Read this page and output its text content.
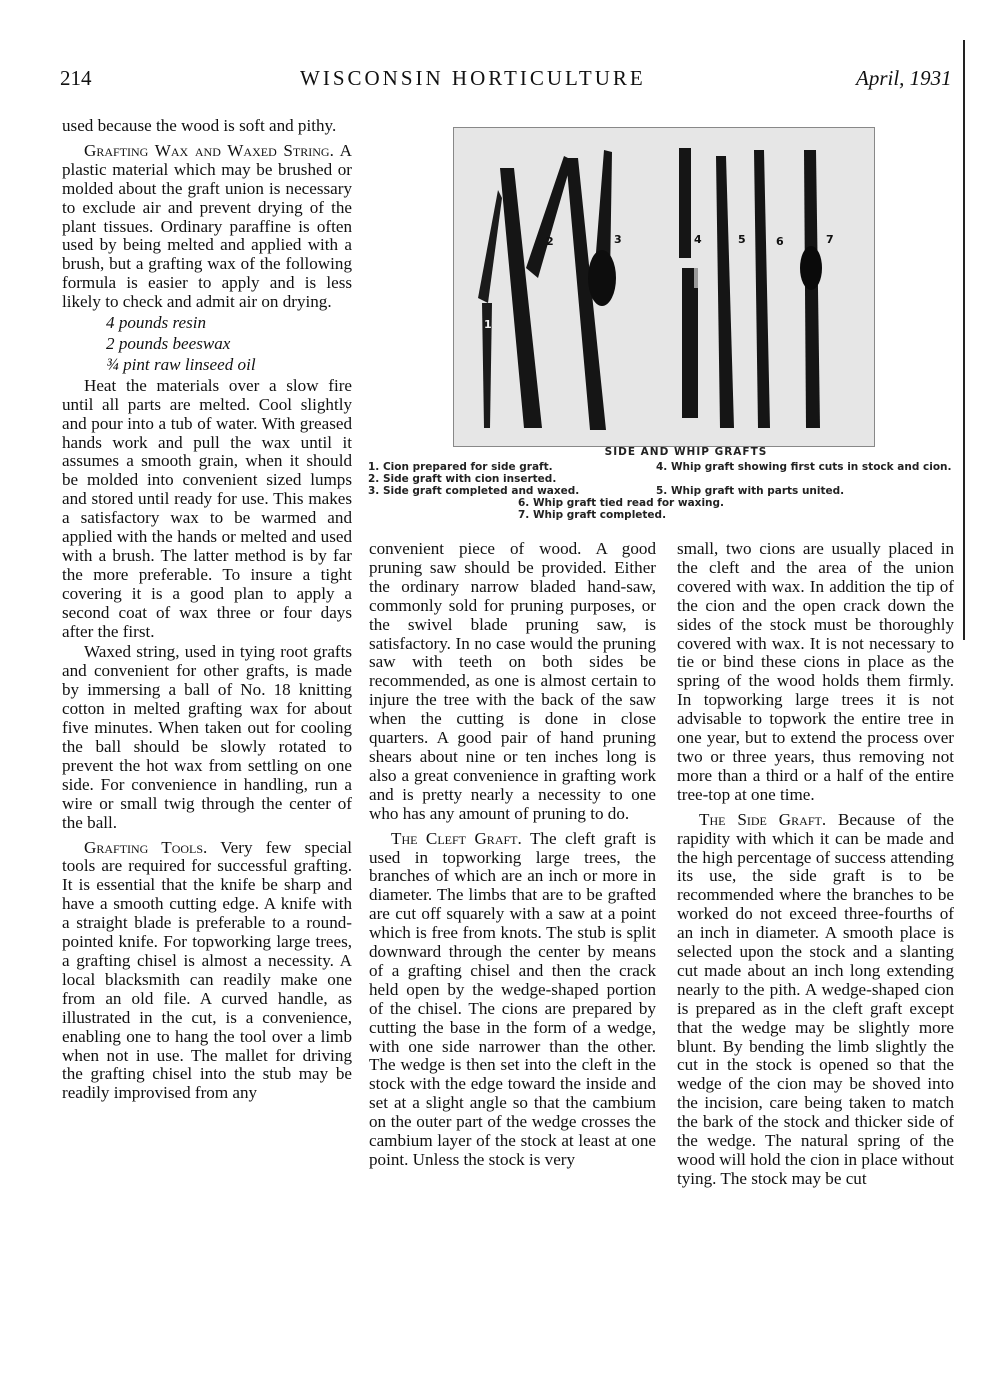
214	WISCONSIN HORTICULTURE	April, 1931

used because the wood is soft and pithy.

Grafting Wax and Waxed String. A plastic material which may be brushed or molded about the graft union is necessary to exclude air and prevent drying of the plant tissues. Ordinary paraffine is often used by being melted and applied with a brush, but a grafting wax of the following formula is easier to apply and is less likely to check and admit air on drying.

4 pounds resin

2 pounds beeswax

¾ pint raw linseed oil

Heat the materials over a slow fire until all parts are melted. Cool slightly and pour into a tub of water. With greased hands work and pull the wax until it assumes a smooth grain, when it should be molded into convenient sized lumps and stored until ready for use. This makes a satisfactory wax to be warmed and applied with the hands or melted and used with a brush. The latter method is by far the more preferable. To insure a tight covering it is a good plan to apply a second coat of wax three or four days after the first.

Waxed string, used in tying root grafts and convenient for other grafts, is made by immersing a ball of No. 18 knitting cotton in melted grafting wax for about five minutes. When taken out for cooling the ball should be slowly rotated to prevent the hot wax from settling on one side. For convenience in handling, run a wire or small twig through the center of the ball.

Grafting Tools. Very few special tools are required for successful grafting. It is essential that the knife be sharp and have a smooth cutting edge. A knife with a straight blade is preferable to a round-pointed knife. For topworking large trees, a grafting chisel is almost a necessity. A local blacksmith can readily make one from an old file. A curved handle, as illustrated in the cut, is a convenience, enabling one to hang the tool over a limb when not in use. The mallet for driving the grafting chisel into the stub may be readily improvised from any

1
2	3	4	5	6	7
SIDE AND WHIP GRAFTS
1. Cion prepared for side graft.	4. Whip graft showing first cuts in stock and cion.
2. Side graft with cion inserted.
3. Side graft completed and waxed.	5. Whip graft with parts united.
6. Whip graft tied read for waxing.
7. Whip graft completed.

convenient piece of wood. A good pruning saw should be provided. Either the ordinary narrow bladed hand-saw, commonly sold for pruning purposes, or the swivel blade pruning saw, is satisfactory. In no case would the pruning saw with teeth on both sides be recommended, as one is almost certain to injure the tree with the back of the saw when the cutting is done in close quarters. A good pair of hand pruning shears about nine or ten inches long is also a great convenience in grafting work and is pretty nearly a necessity to one who has any amount of pruning to do.

The Cleft Graft. The cleft graft is used in topworking large trees, the branches of which are an inch or more in diameter. The limbs that are to be grafted are cut off squarely with a saw at a point which is free from knots. The stub is split downward through the center by means of a grafting chisel and then the crack held open by the wedge-shaped portion of the chisel. The cions are prepared by cutting the base in the form of a wedge, with one side narrower than the other. The wedge is then set into the cleft in the stock with the edge toward the inside and set at a slight angle so that the cambium on the outer part of the wedge crosses the cambium layer of the stock at least at one point. Unless the stock is very

small, two cions are usually placed in the cleft and the area of the union covered with wax. In addition the tip of the cion and the open crack down the sides of the stock must be thoroughly covered with wax. It is not necessary to tie or bind these cions in place as the spring of the wood holds them firmly. In topworking large trees it is not advisable to topwork the entire tree in one year, but to extend the process over two or three years, thus removing not more than a third or a half of the entire tree-top at one time.

The Side Graft. Because of the rapidity with which it can be made and the high percentage of success attending its use, the side graft is to be recommended where the branches to be worked do not exceed three-fourths of an inch in diameter. A smooth place is selected upon the stock and a slanting cut made about an inch long extending nearly to the pith. A wedge-shaped cion is prepared as in the cleft graft except that the wedge may be slightly more blunt. By bending the limb slightly the cut in the stock is opened so that the wedge of the cion may be shoved into the incision, care being taken to match the bark of the stock and thicker side of the wedge. The natural spring of the wood will hold the cion in place without tying. The stock may be cut
